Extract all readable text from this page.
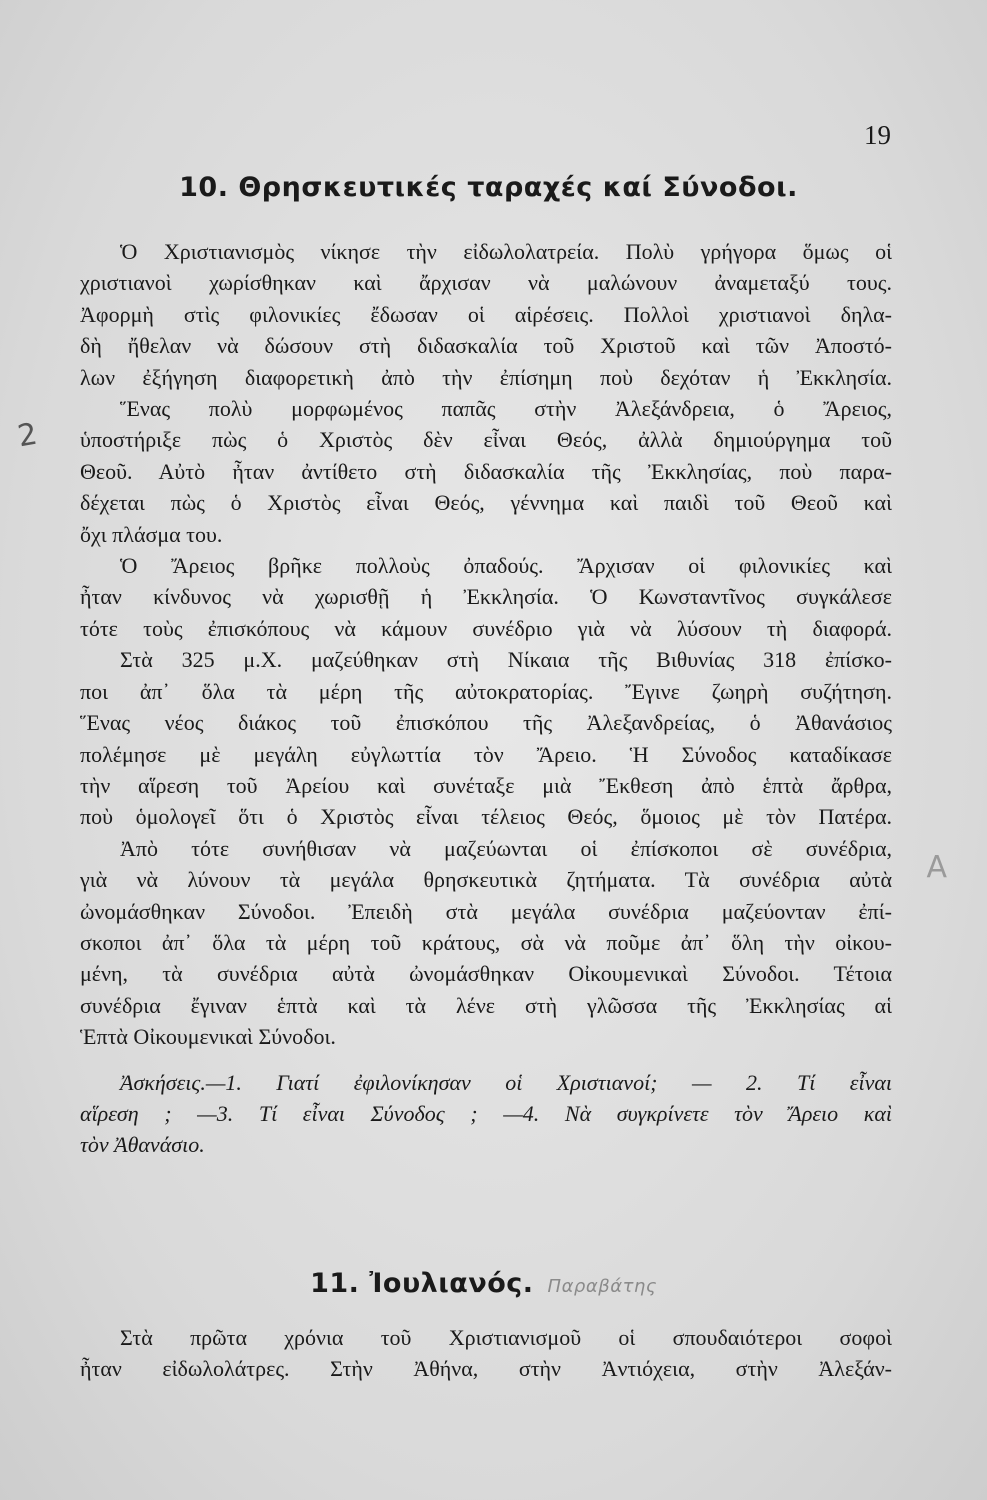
19
10. Θρησκευτικές ταραχές καί Σύνοδοι.
2
A
Ὁ Χριστιανισμὸς νίκησε τὴν εἰδωλολατρεία. Πολὺ γρήγορα ὅμως οἱ
χριστιανοὶ χωρίσθηκαν καὶ ἄρχισαν νὰ μαλώνουν ἀναμεταξύ τους.
Ἀφορμὴ στὶς φιλονικίες ἔδωσαν οἱ αἱρέσεις. Πολλοὶ χριστιανοὶ δηλα-
δὴ ἤθελαν νὰ δώσουν στὴ διδασκαλία τοῦ Χριστοῦ καὶ τῶν Ἀποστό-
λων ἐξήγηση διαφορετικὴ ἀπὸ τὴν ἐπίσημη ποὺ δεχόταν ἡ Ἐκκλησία.
Ἕνας πολὺ μορφωμένος παπᾶς στὴν Ἀλεξάνδρεια, ὁ Ἄρειος,
ὑποστήριξε πὼς ὁ Χριστὸς δὲν εἶναι Θεός, ἀλλὰ δημιούργημα τοῦ
Θεοῦ. Αὐτὸ ἦταν ἀντίθετο στὴ διδασκαλία τῆς Ἐκκλησίας, ποὺ παρα-
δέχεται πὼς ὁ Χριστὸς εἶναι Θεός, γέννημα καὶ παιδὶ τοῦ Θεοῦ καὶ
ὄχι πλάσμα του.
Ὁ Ἄρειος βρῆκε πολλοὺς ὀπαδούς. Ἄρχισαν οἱ φιλονικίες καὶ
ἦταν κίνδυνος νὰ χωρισθῇ ἡ Ἐκκλησία. Ὁ Κωνσταντῖνος συγκάλεσε
τότε τοὺς ἐπισκόπους νὰ κάμουν συνέδριο γιὰ νὰ λύσουν τὴ διαφορά.
Στὰ 325 μ.Χ. μαζεύθηκαν στὴ Νίκαια τῆς Βιθυνίας 318 ἐπίσκο-
ποι ἀπ᾽ ὅλα τὰ μέρη τῆς αὐτοκρατορίας. Ἔγινε ζωηρὴ συζήτηση.
Ἕνας νέος διάκος τοῦ ἐπισκόπου τῆς Ἀλεξανδρείας, ὁ Ἀθανάσιος
πολέμησε μὲ μεγάλη εὐγλωττία τὸν Ἄρειο. Ἡ Σύνοδος καταδίκασε
τὴν αἵρεση τοῦ Ἀρείου καὶ συνέταξε μιὰ Ἔκθεση ἀπὸ ἑπτὰ ἄρθρα,
ποὺ ὁμολογεῖ ὅτι ὁ Χριστὸς εἶναι τέλειος Θεός, ὅμοιος μὲ τὸν Πατέρα.
Ἀπὸ τότε συνήθισαν νὰ μαζεύωνται οἱ ἐπίσκοποι σὲ συνέδρια,
γιὰ νὰ λύνουν τὰ μεγάλα θρησκευτικὰ ζητήματα. Τὰ συνέδρια αὐτὰ
ὠνομάσθηκαν Σύνοδοι. Ἐπειδὴ στὰ μεγάλα συνέδρια μαζεύονταν ἐπί-
σκοποι ἀπ᾽ ὅλα τὰ μέρη τοῦ κράτους, σὰ νὰ ποῦμε ἀπ᾽ ὅλη τὴν οἰκου-
μένη, τὰ συνέδρια αὐτὰ ὠνομάσθηκαν Οἰκουμενικαὶ Σύνοδοι. Τέτοια
συνέδρια ἔγιναν ἑπτὰ καὶ τὰ λένε στὴ γλῶσσα τῆς Ἐκκλησίας αἱ
Ἑπτὰ Οἰκουμενικαὶ Σύνοδοι.
Ἀσκήσεις.—1. Γιατί ἐφιλονίκησαν οἱ Χριστιανοί; — 2. Τί εἶναι
αἵρεση ; —3. Τί εἶναι Σύνοδος ; —4. Νὰ συγκρίνετε τὸν Ἄρειο καὶ
τὸν Ἀθανάσιο.
11. Ἰουλιανός. Παραβάτης
Στὰ πρῶτα χρόνια τοῦ Χριστιανισμοῦ οἱ σπουδαιότεροι σοφοὶ
ἦταν εἰδωλολάτρες. Στὴν Ἀθήνα, στὴν Ἀντιόχεια, στὴν Ἀλεξάν-
